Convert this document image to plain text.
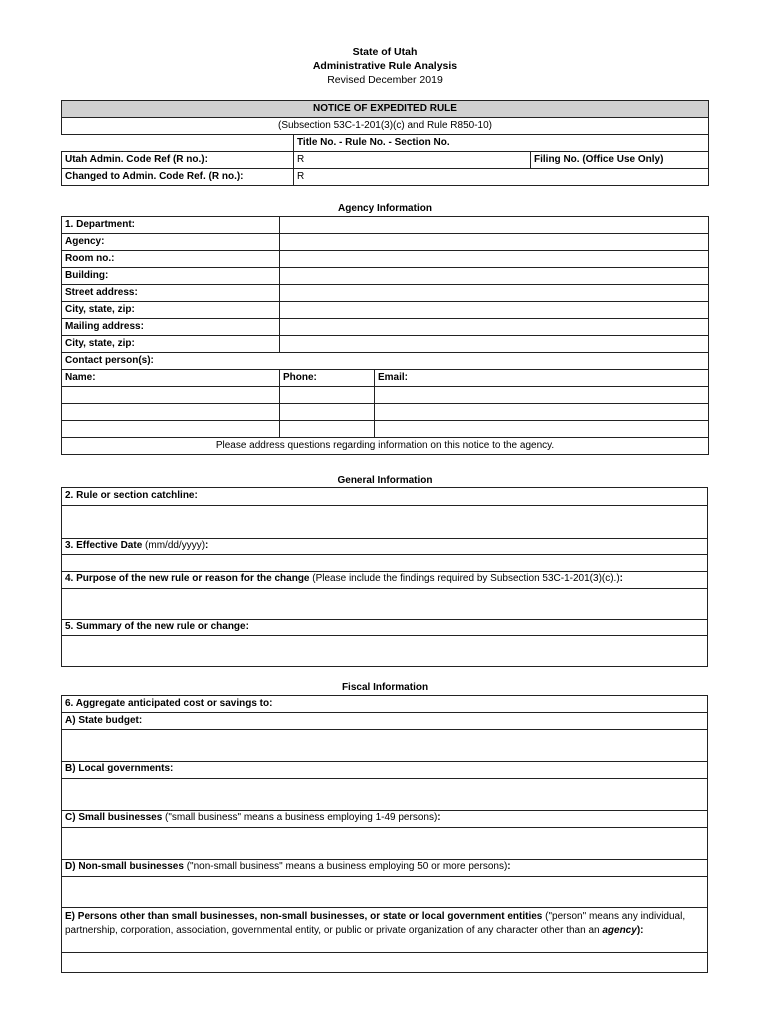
State of Utah
Administrative Rule Analysis
Revised December 2019
NOTICE OF EXPEDITED RULE		
(Subsection 53C-1-201(3)(c) and Rule R850-10)		
	Title No. - Rule No. - Section No.	
Utah Admin. Code Ref (R no.):	R	Filing No. (Office Use Only)
Changed to Admin. Code Ref. (R no.):	R	
Agency Information
1. Department:		
Agency:		
Room no.:		
Building:		
Street address:		
City, state, zip:		
Mailing address:		
City, state, zip:		
Contact person(s):		
Name:	Phone:	Email:

Please address questions regarding information on this notice to the agency.		
General Information
2. Rule or section catchline:
3. Effective Date (mm/dd/yyyy):
4. Purpose of the new rule or reason for the change (Please include the findings required by Subsection 53C-1-201(3)(c).):
5. Summary of the new rule or change:
Fiscal Information
6. Aggregate anticipated cost or savings to:
A) State budget:
B) Local governments:
C) Small businesses ("small business" means a business employing 1-49 persons):
D) Non-small businesses ("non-small business" means a business employing 50 or more persons):
E) Persons other than small businesses, non-small businesses, or state or local government entities ("person" means any individual, partnership, corporation, association, governmental entity, or public or private organization of any character other than an agency):
